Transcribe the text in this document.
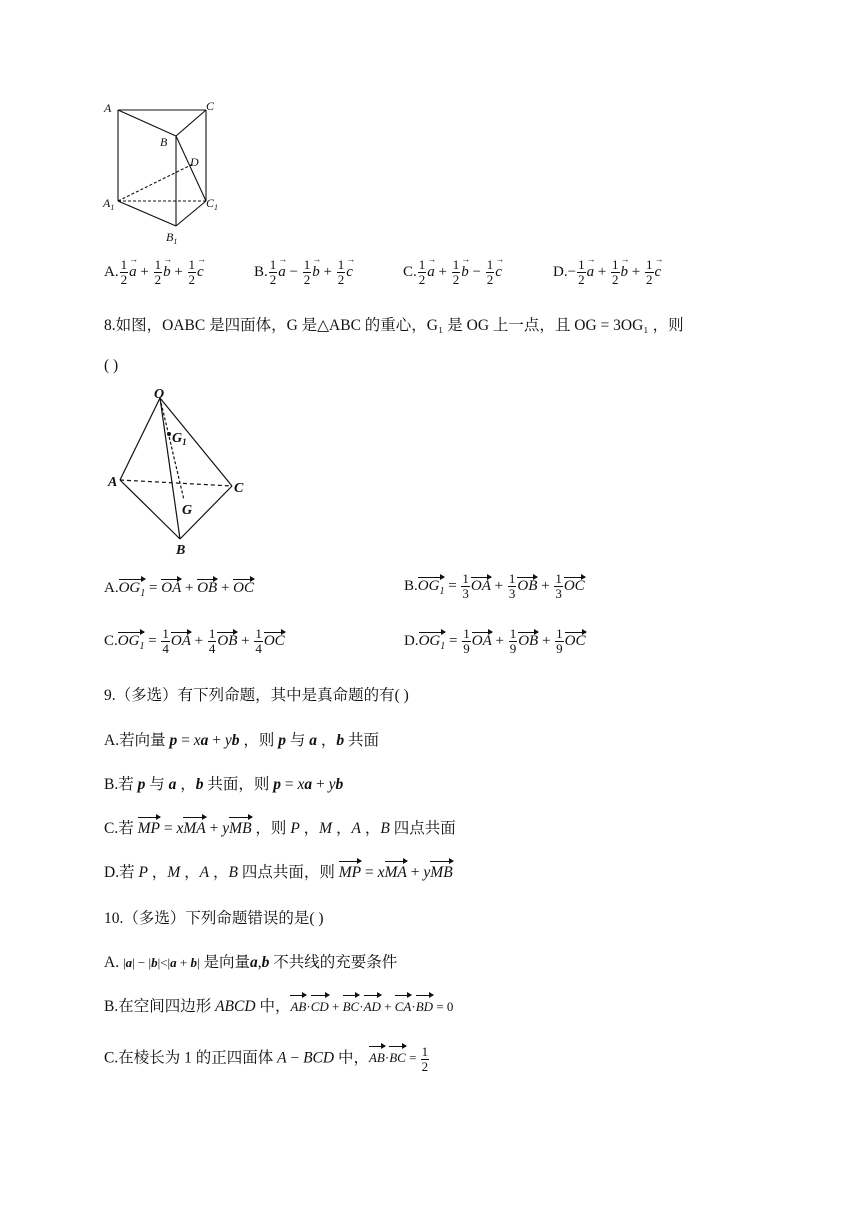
A	C
B
D
$A_1$	$C_1$
$B_1$
A. $\frac{1}{2}$ a → + $\frac{1}{2}$ b → + $\frac{1}{2}$ c →	B. $\frac{1}{2}$ a → − $\frac{1}{2}$ b → + $\frac{1}{2}$ c →	C. $\frac{1}{2}$ a → + $\frac{1}{2}$ b → − $\frac{1}{2}$ c →	$D.- \frac{1}{2}$ a → + $\frac{1}{2}$ b → + $\frac{1}{2}$ c →
8.如图，OABC 是四面体，G 是△ABC 的重心，G₁ 是 OG 上一点，且 OG = 3OG₁ ，则
( )
O
$G_1$
A	C
G
B
$A.OG_1$ = OA + OB + OC	$B.OG_1 = \frac{1}{3}$ OA + $\frac{1}{3}$ OB + $\frac{1}{3}$ OC
$C.OG_1 = \frac{1}{4}$ OA + $\frac{1}{4}$ OB + $\frac{1}{4}$ OC	$D.OG_1 = \frac{1}{9}$ OA + $\frac{1}{9}$ OB + $\frac{1}{9}$ OC
9.（多选）有下列命题，其中是真命题的有( )
A.若向量 p = xa + yb ，则 p 与 a ，b 共面
B.若 p 与 a ，b 共面，则 p = xa + yb
C.若 MP = xMA + yMB ，则 P ，M ，A ，B 四点共面
D.若 P ，M ，A ，B 四点共面，则 MP = xMA + yMB
10.（多选）下列命题错误的是( )
A. |a| − |b|<|a + b| 是向量a,b 不共线的充要条件
B.在空间四边形 ABCD 中，AB·CD + BC·AD + CA·BD = 0
C.在棱长为 1 的正四面体 A − BCD 中，$AB\cdot BC = \frac{1}{2}$
